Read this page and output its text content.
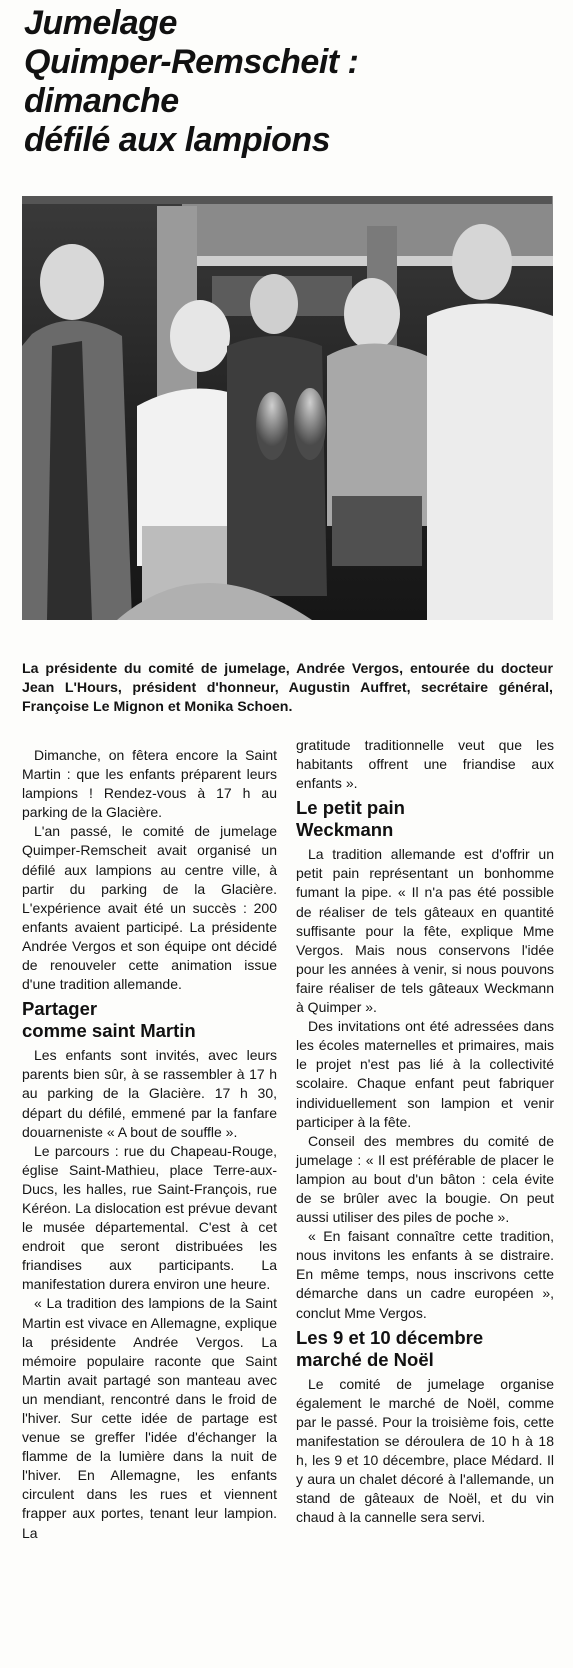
Jumelage
Quimper-Remscheit :
dimanche
défilé aux lampions
La présidente du comité de jumelage, Andrée Vergos, entourée du docteur Jean L'Hours, président d'honneur, Augustin Auffret, secrétaire général, Françoise Le Mignon et Monika Schoen.

Dimanche, on fêtera encore la Saint Martin : que les enfants préparent leurs lampions ! Rendez-vous à 17 h au parking de la Glacière.

L'an passé, le comité de jumelage Quimper-Remscheit avait organisé un défilé aux lampions au centre ville, à partir du parking de la Glacière. L'expérience avait été un succès : 200 enfants avaient participé. La présidente Andrée Vergos et son équipe ont décidé de renouveler cette animation issue d'une tradition allemande.

Partager
comme saint Martin

Les enfants sont invités, avec leurs parents bien sûr, à se rassembler à 17 h au parking de la Glacière. 17 h 30, départ du défilé, emmené par la fanfare douarneniste « A bout de souffle ».

Le parcours : rue du Chapeau-Rouge, église Saint-Mathieu, place Terre-aux-Ducs, les halles, rue Saint-François, rue Kéréon. La dislocation est prévue devant le musée départemental. C'est à cet endroit que seront distribuées les friandises aux participants. La manifestation durera environ une heure.

« La tradition des lampions de la Saint Martin est vivace en Allemagne, explique la présidente Andrée Vergos. La mémoire populaire raconte que Saint Martin avait partagé son manteau avec un mendiant, rencontré dans le froid de l'hiver. Sur cette idée de partage est venue se greffer l'idée d'échanger la flamme de la lumière dans la nuit de l'hiver. En Allemagne, les enfants circulent dans les rues et viennent frapper aux portes, tenant leur lampion. La

gratitude traditionnelle veut que les habitants offrent une friandise aux enfants ».

Le petit pain
Weckmann

La tradition allemande est d'offrir un petit pain représentant un bonhomme fumant la pipe. « Il n'a pas été possible de réaliser de tels gâteaux en quantité suffisante pour la fête, explique Mme Vergos. Mais nous conservons l'idée pour les années à venir, si nous pouvons faire réaliser de tels gâteaux Weckmann à Quimper ».

Des invitations ont été adressées dans les écoles maternelles et primaires, mais le projet n'est pas lié à la collectivité scolaire. Chaque enfant peut fabriquer individuellement son lampion et venir participer à la fête.

Conseil des membres du comité de jumelage : « Il est préférable de placer le lampion au bout d'un bâton : cela évite de se brûler avec la bougie. On peut aussi utiliser des piles de poche ».

« En faisant connaître cette tradition, nous invitons les enfants à se distraire. En même temps, nous inscrivons cette démarche dans un cadre européen », conclut Mme Vergos.

Les 9 et 10 décembre
marché de Noël

Le comité de jumelage organise également le marché de Noël, comme par le passé. Pour la troisième fois, cette manifestation se déroulera de 10 h à 18 h, les 9 et 10 décembre, place Médard. Il y aura un chalet décoré à l'allemande, un stand de gâteaux de Noël, et du vin chaud à la cannelle sera servi.
